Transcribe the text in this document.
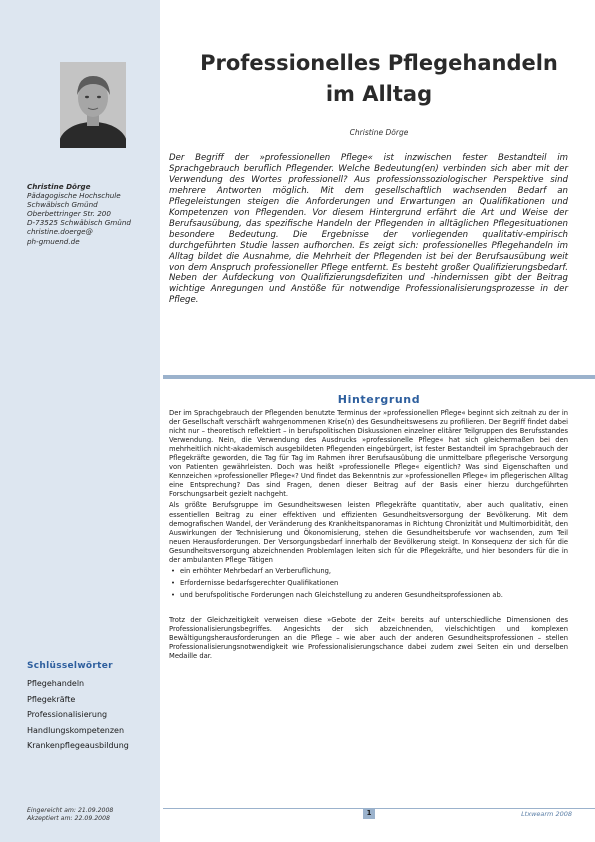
Christine Dörge
Pädagogische Hochschule
Schwäbisch Gmünd
Oberbettringer Str. 200
D-73525 Schwäbisch Gmünd
christine.doerge@
ph-gmuend.de
Schlüsselwörter
Pflegehandeln
Pflegekräfte
Professionalisierung
Handlungskompetenzen
Krankenpflegeausbildung
Eingereicht am: 21.09.2008
Akzeptiert am: 22.09.2008
Professionelles Pflegehandeln
im Alltag
Christine Dörge
Der Begriff der »professionellen Pflege« ist inzwischen fester Bestandteil im Sprachgebrauch beruflich Pflegender. Welche Bedeutung(en) verbinden sich aber mit der Verwendung des Wortes professionell? Aus professionssoziologischer Perspektive sind mehrere Antworten möglich. Mit dem gesellschaftlich wachsenden Bedarf an Pflegeleistungen steigen die Anforderungen und Erwartungen an Qualifikationen und Kompetenzen von Pflegenden. Vor diesem Hintergrund erfährt die Art und Weise der Berufsausübung, das spezifische Handeln der Pflegenden in alltäglichen Pflegesituationen besondere Bedeutung. Die Ergebnisse der vorliegenden qualitativ-empirisch durchgeführten Studie lassen aufhorchen. Es zeigt sich: professionelles Pflegehandeln im Alltag bildet die Ausnahme, die Mehrheit der Pflegenden ist bei der Berufsausübung weit von dem Anspruch professioneller Pflege entfernt. Es besteht großer Qualifizierungsbedarf. Neben der Aufdeckung von Qualifizierungsdefiziten und -hindernissen gibt der Beitrag wichtige Anregungen und Anstöße für notwendige Professionalisierungsprozesse in der Pflege.
Hintergrund

Der im Sprachgebrauch der Pflegenden benutzte Terminus der »professionellen Pflege« beginnt sich zeitnah zu der in der Gesellschaft verschärft wahrgenommenen Krise(n) des Gesundheitswesens zu profilieren. Der Begriff findet dabei nicht nur – theoretisch reflektiert – in berufspolitischen Diskussionen einzelner elitärer Teilgruppen des Berufsstandes Verwendung. Nein, die Verwendung des Ausdrucks »professionelle Pflege« hat sich gleichermaßen bei den mehrheitlich nicht-akademisch ausgebildeten Pflegenden eingebürgert, ist fester Bestandteil im Sprachgebrauch der Pflegekräfte geworden, die Tag für Tag im Rahmen ihrer Berufsausübung die unmittelbare pflegerische Versorgung von Patienten gewährleisten. Doch was heißt »professionelle Pflege« eigentlich? Was sind Eigenschaften und Kennzeichen »professioneller Pflege«? Und findet das Bekenntnis zur »professionellen Pflege« im pflegerischen Alltag eine Entsprechung? Das sind Fragen, denen dieser Beitrag auf der Basis einer hierzu durchgeführten Forschungsarbeit gezielt nachgeht.

Als größte Berufsgruppe im Gesundheitswesen leisten Pflegekräfte quantitativ, aber auch qualitativ, einen essentiellen Beitrag zu einer effektiven und effizienten Gesundheitsversorgung der Bevölkerung. Mit dem demografischen Wandel, der Veränderung des Krankheitspanoramas in Richtung Chronizität und Multimorbidität, den Auswirkungen der Technisierung und Ökonomisierung, stehen die Gesundheitsberufe vor wachsenden, zum Teil neuen Herausforderungen. Der Versorgungsbedarf innerhalb der Bevölkerung steigt. In Konsequenz der sich für die Gesundheitsversorgung abzeichnenden Problemlagen leiten sich für die Pflegekräfte, und hier besonders für die in der ambulanten Pflege Tätigen

• ein erhöhter Mehrbedarf an Verberuflichung,
• Erfordernisse bedarfsgerechter Qualifikationen
• und berufspolitische Forderungen nach Gleichstellung zu anderen Gesundheitsprofessionen ab.

Trotz der Gleichzeitigkeit verweisen diese »Gebote der Zeit« bereits auf unterschiedliche Dimensionen des Professionalisierungsbegriffes. Angesichts der sich abzeichnenden, vielschichtigen und komplexen Bewältigungsherausforderungen an die Pflege – wie aber auch der anderen Gesundheitsprofessionen – stellen Professionalisierungsnotwendigkeit wie Professionalisierungschance dabei zudem zwei Seiten ein und derselben Medaille dar.

1	Ltxwearm 2008
